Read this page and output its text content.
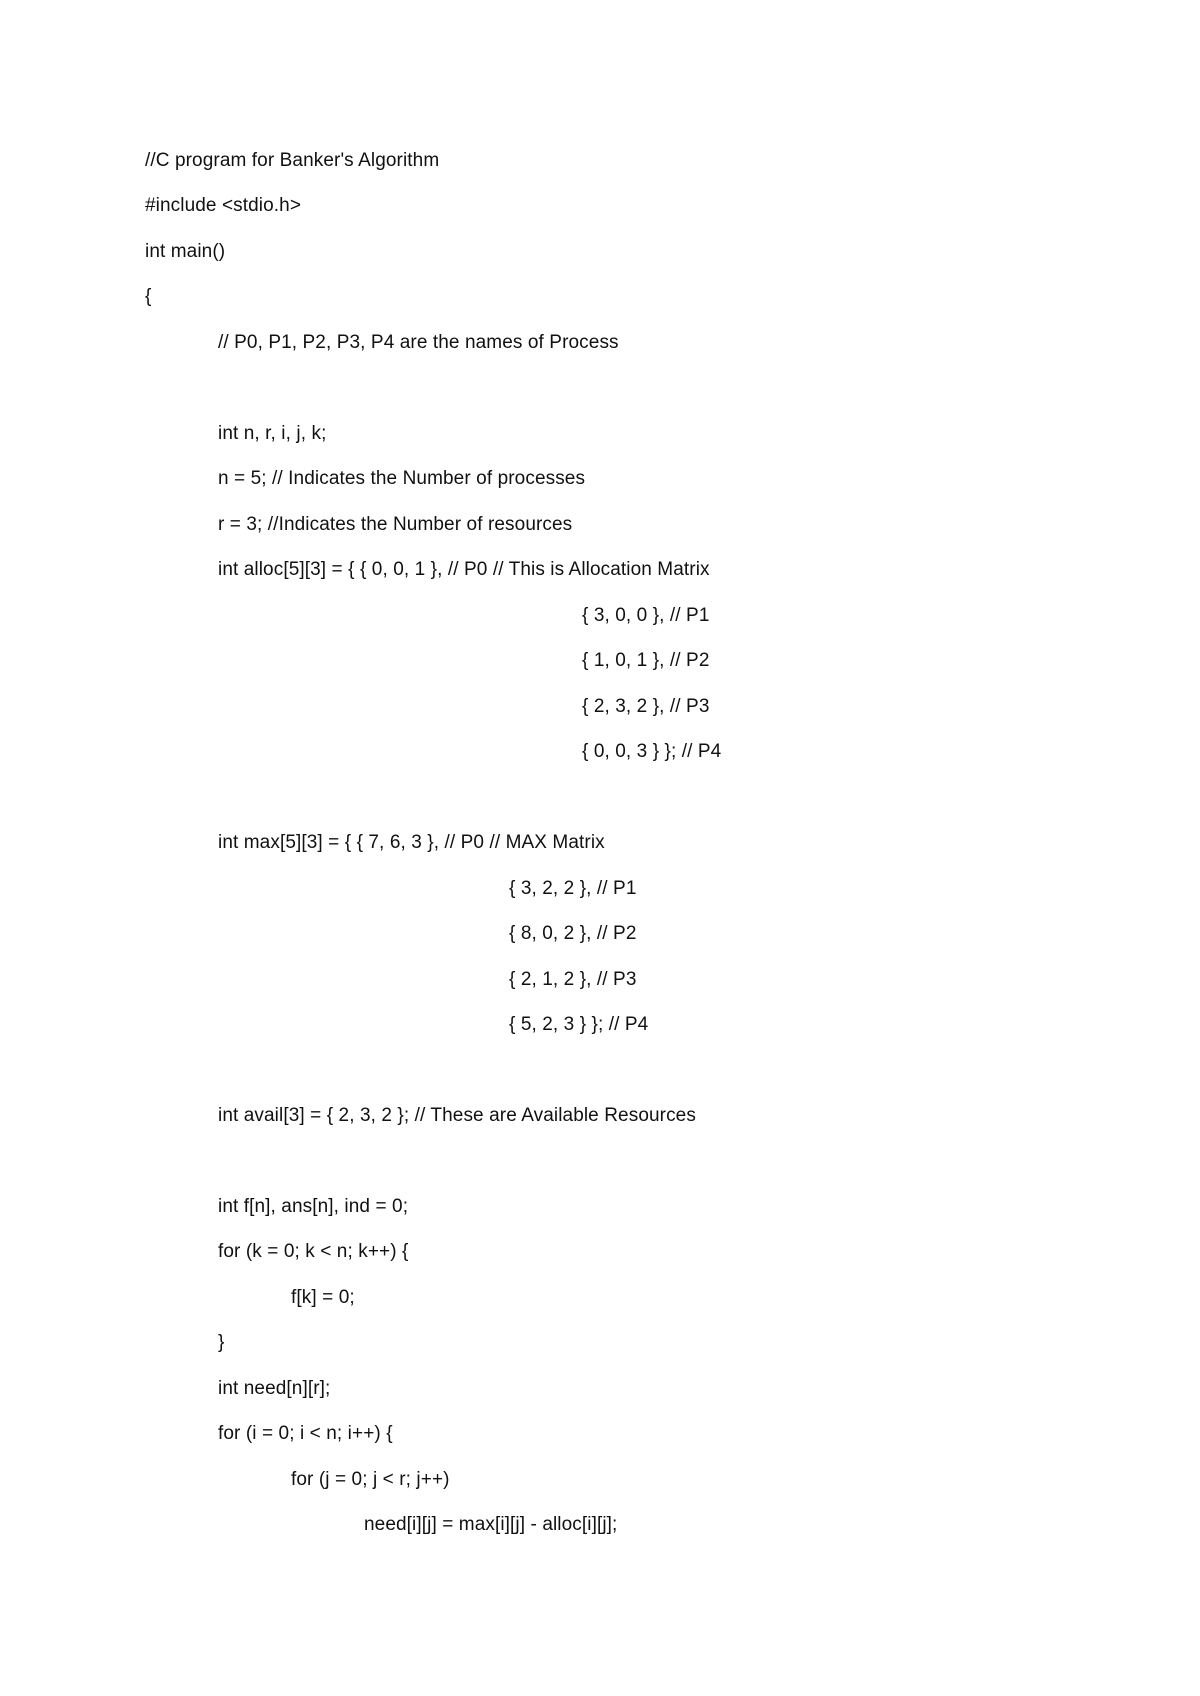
//C program for Banker's Algorithm
#include <stdio.h>
int main()
{
// P0, P1, P2, P3, P4 are the names of Process
int n, r, i, j, k;
n = 5; // Indicates the Number of processes
r = 3; //Indicates the Number of resources
int alloc[5][3] = { { 0, 0, 1 }, // P0 // This is Allocation Matrix
{ 3, 0, 0 }, // P1
{ 1, 0, 1 }, // P2
{ 2, 3, 2 }, // P3
{ 0, 0, 3 } }; // P4
int max[5][3] = { { 7, 6, 3 }, // P0 // MAX Matrix
{ 3, 2, 2 }, // P1
{ 8, 0, 2 }, // P2
{ 2, 1, 2 }, // P3
{ 5, 2, 3 } }; // P4
int avail[3] = { 2, 3, 2 }; // These are Available Resources
int f[n], ans[n], ind = 0;
for (k = 0; k < n; k++) {
f[k] = 0;
}
int need[n][r];
for (i = 0; i < n; i++) {
for (j = 0; j < r; j++)
need[i][j] = max[i][j] - alloc[i][j];
